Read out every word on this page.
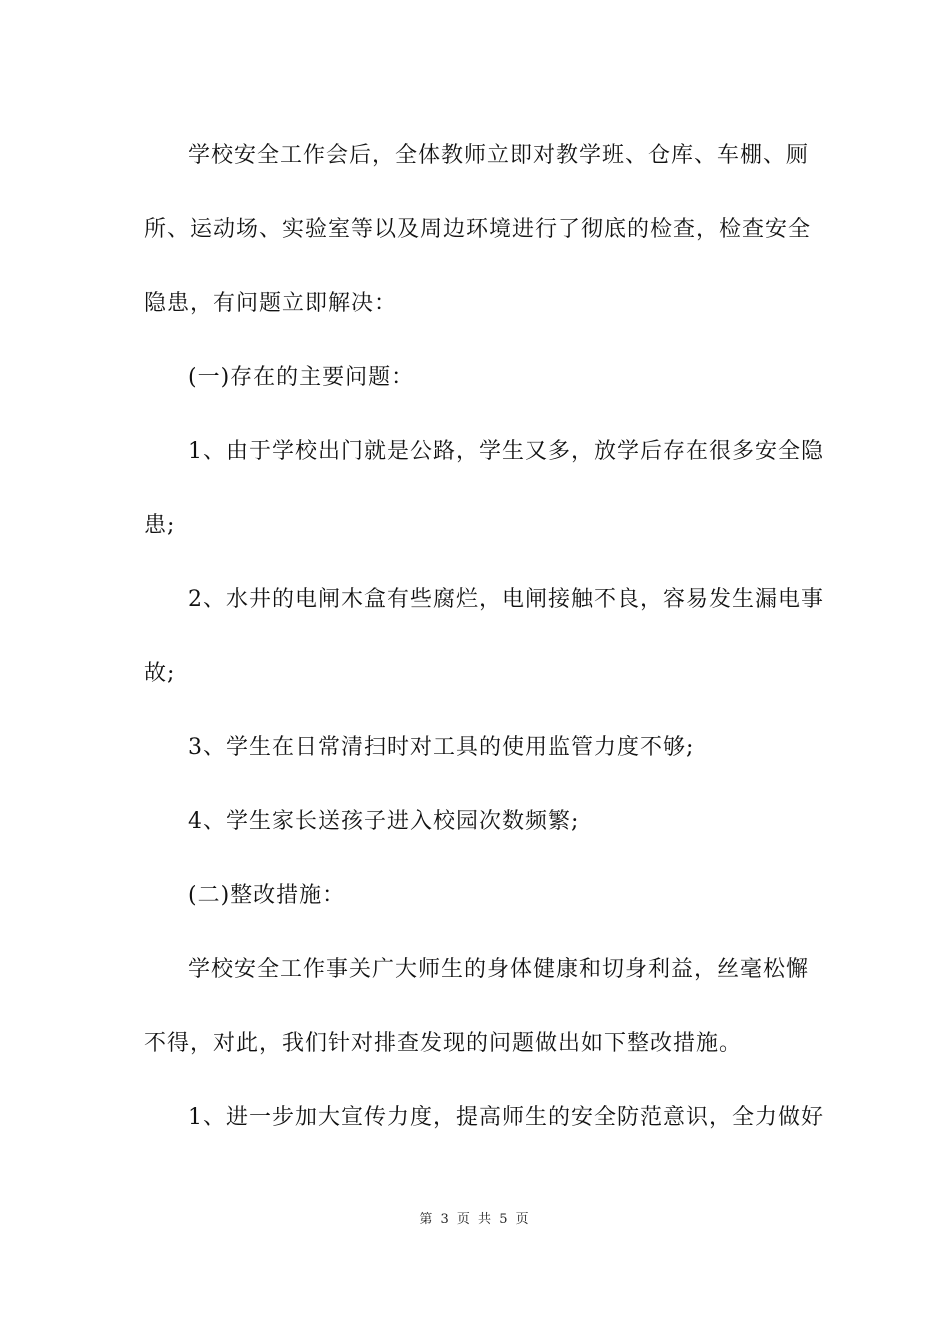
学校安全工作会后，全体教师立即对教学班、仓库、车棚、厕
所、运动场、实验室等以及周边环境进行了彻底的检查，检查安全
隐患，有问题立即解决：
(一)存在的主要问题：
1、由于学校出门就是公路，学生又多，放学后存在很多安全隐
患;
2、水井的电闸木盒有些腐烂，电闸接触不良，容易发生漏电事
故;
3、学生在日常清扫时对工具的使用监管力度不够;
4、学生家长送孩子进入校园次数频繁;
(二)整改措施：
学校安全工作事关广大师生的身体健康和切身利益，丝毫松懈
不得，对此，我们针对排查发现的问题做出如下整改措施。
1、进一步加大宣传力度，提高师生的安全防范意识，全力做好
第 3 页 共 5 页
